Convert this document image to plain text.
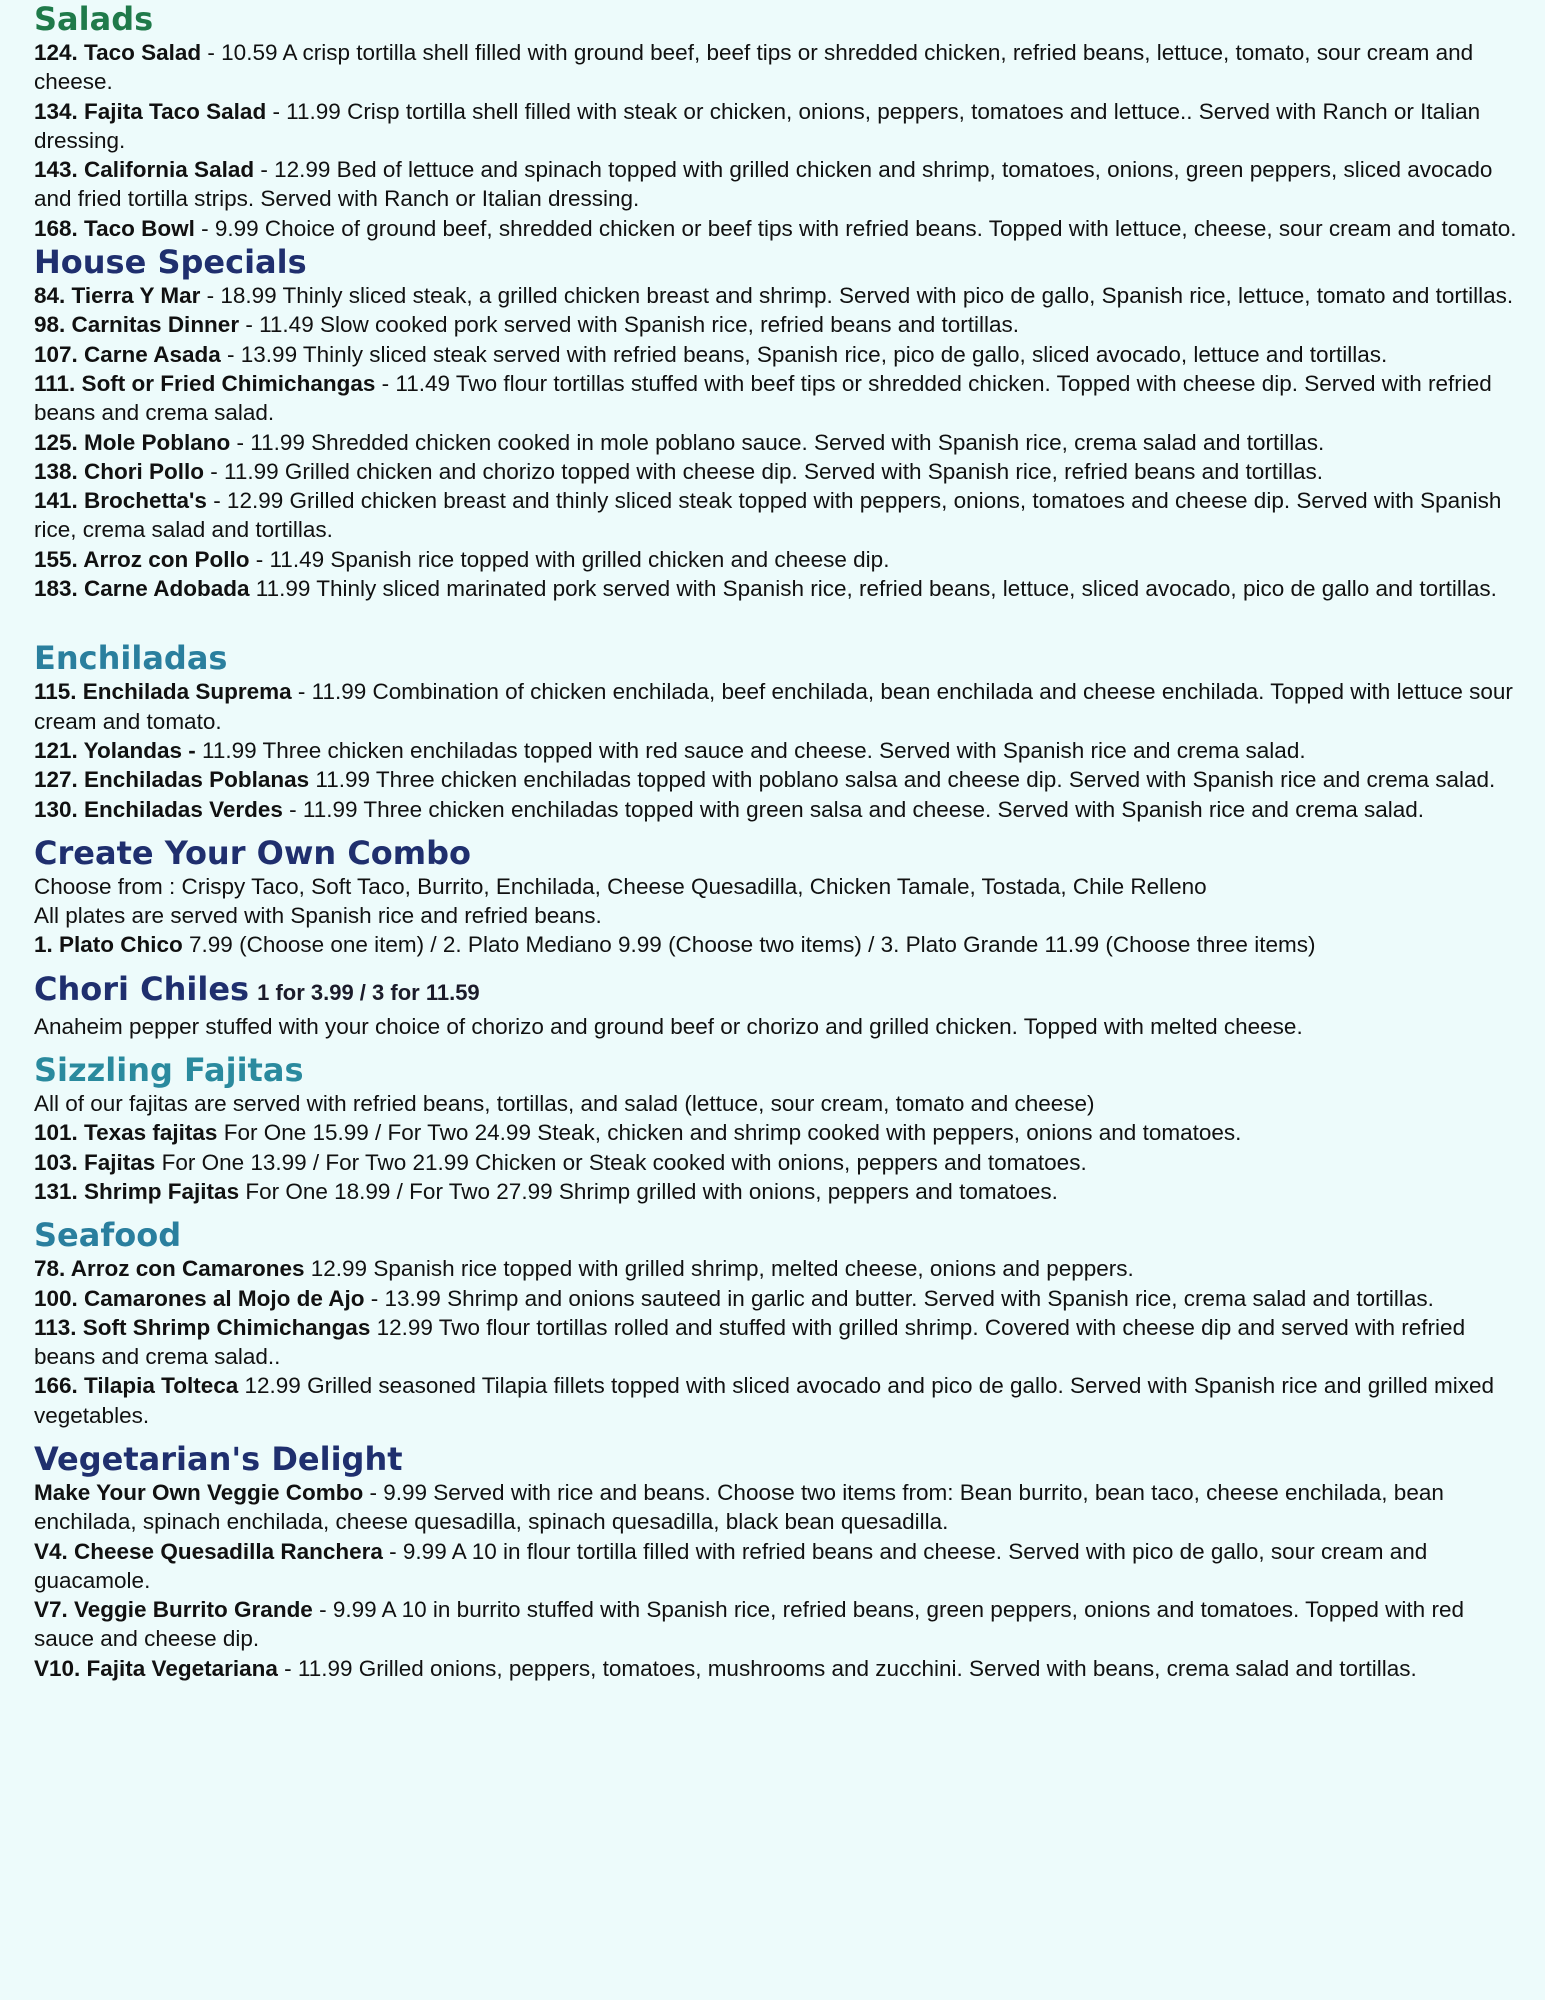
Salads
124. Taco Salad - 10.59 A crisp tortilla shell filled with ground beef, beef tips or shredded chicken, refried beans, lettuce, tomato, sour cream and cheese.
134. Fajita Taco Salad - 11.99 Crisp tortilla shell filled with steak or chicken, onions, peppers, tomatoes and lettuce.. Served with Ranch or Italian dressing.
143. California Salad - 12.99 Bed of lettuce and spinach topped with grilled chicken and shrimp, tomatoes, onions, green peppers, sliced avocado and fried tortilla strips. Served with Ranch or Italian dressing.
168. Taco Bowl - 9.99 Choice of ground beef, shredded chicken or beef tips with refried beans. Topped with lettuce, cheese, sour cream and tomato.
House Specials
84. Tierra Y Mar - 18.99 Thinly sliced steak, a grilled chicken breast and shrimp. Served with pico de gallo, Spanish rice, lettuce, tomato and tortillas.
98. Carnitas Dinner - 11.49 Slow cooked pork served with Spanish rice, refried beans and tortillas.
107. Carne Asada - 13.99 Thinly sliced steak served with refried beans, Spanish rice, pico de gallo, sliced avocado, lettuce and tortillas.
111. Soft or Fried Chimichangas - 11.49 Two flour tortillas stuffed with beef tips or shredded chicken. Topped with cheese dip. Served with refried beans and crema salad.
125. Mole Poblano - 11.99 Shredded chicken cooked in mole poblano sauce. Served with Spanish rice, crema salad and tortillas.
138. Chori Pollo - 11.99 Grilled chicken and chorizo topped with cheese dip. Served with Spanish rice, refried beans and tortillas.
141. Brochetta's - 12.99 Grilled chicken breast and thinly sliced steak topped with peppers, onions, tomatoes and cheese dip. Served with Spanish rice, crema salad and tortillas.
155. Arroz con Pollo - 11.49 Spanish rice topped with grilled chicken and cheese dip.
183. Carne Adobada 11.99 Thinly sliced marinated pork served with Spanish rice, refried beans, lettuce, sliced avocado, pico de gallo and tortillas.
Enchiladas
115. Enchilada Suprema - 11.99 Combination of chicken enchilada, beef enchilada, bean enchilada and cheese enchilada. Topped with lettuce sour cream and tomato.
121. Yolandas - 11.99 Three chicken enchiladas topped with red sauce and cheese. Served with Spanish rice and crema salad.
127. Enchiladas Poblanas 11.99 Three chicken enchiladas topped with poblano salsa and cheese dip. Served with Spanish rice and crema salad.
130. Enchiladas Verdes - 11.99 Three chicken enchiladas topped with green salsa and cheese. Served with Spanish rice and crema salad.
Create Your Own Combo
Choose from : Crispy Taco, Soft Taco, Burrito, Enchilada, Cheese Quesadilla, Chicken Tamale, Tostada, Chile Relleno
All plates are served with Spanish rice and refried beans.
1. Plato Chico 7.99 (Choose one item) / 2. Plato Mediano 9.99 (Choose two items) / 3. Plato Grande 11.99 (Choose three items)
Chori Chiles 1 for 3.99 / 3 for 11.59
Anaheim pepper stuffed with your choice of chorizo and ground beef or chorizo and grilled chicken. Topped with melted cheese.
Sizzling Fajitas
All of our fajitas are served with refried beans, tortillas, and salad (lettuce, sour cream, tomato and cheese)
101. Texas fajitas For One 15.99 / For Two 24.99 Steak, chicken and shrimp cooked with peppers, onions and tomatoes.
103. Fajitas For One 13.99 / For Two 21.99 Chicken or Steak cooked with onions, peppers and tomatoes.
131. Shrimp Fajitas For One 18.99 / For Two 27.99 Shrimp grilled with onions, peppers and tomatoes.
Seafood
78. Arroz con Camarones 12.99 Spanish rice topped with grilled shrimp, melted cheese, onions and peppers.
100. Camarones al Mojo de Ajo - 13.99 Shrimp and onions sauteed in garlic and butter. Served with Spanish rice, crema salad and tortillas.
113. Soft Shrimp Chimichangas 12.99 Two flour tortillas rolled and stuffed with grilled shrimp. Covered with cheese dip and served with refried beans and crema salad..
166. Tilapia Tolteca 12.99 Grilled seasoned Tilapia fillets topped with sliced avocado and pico de gallo. Served with Spanish rice and grilled mixed vegetables.
Vegetarian's Delight
Make Your Own Veggie Combo - 9.99 Served with rice and beans. Choose two items from: Bean burrito, bean taco, cheese enchilada, bean enchilada, spinach enchilada, cheese quesadilla, spinach quesadilla, black bean quesadilla.
V4. Cheese Quesadilla Ranchera - 9.99 A 10 in flour tortilla filled with refried beans and cheese. Served with pico de gallo, sour cream and guacamole.
V7. Veggie Burrito Grande - 9.99 A 10 in burrito stuffed with Spanish rice, refried beans, green peppers, onions and tomatoes. Topped with red sauce and cheese dip.
V10. Fajita Vegetariana - 11.99 Grilled onions, peppers, tomatoes, mushrooms and zucchini. Served with beans, crema salad and tortillas.
